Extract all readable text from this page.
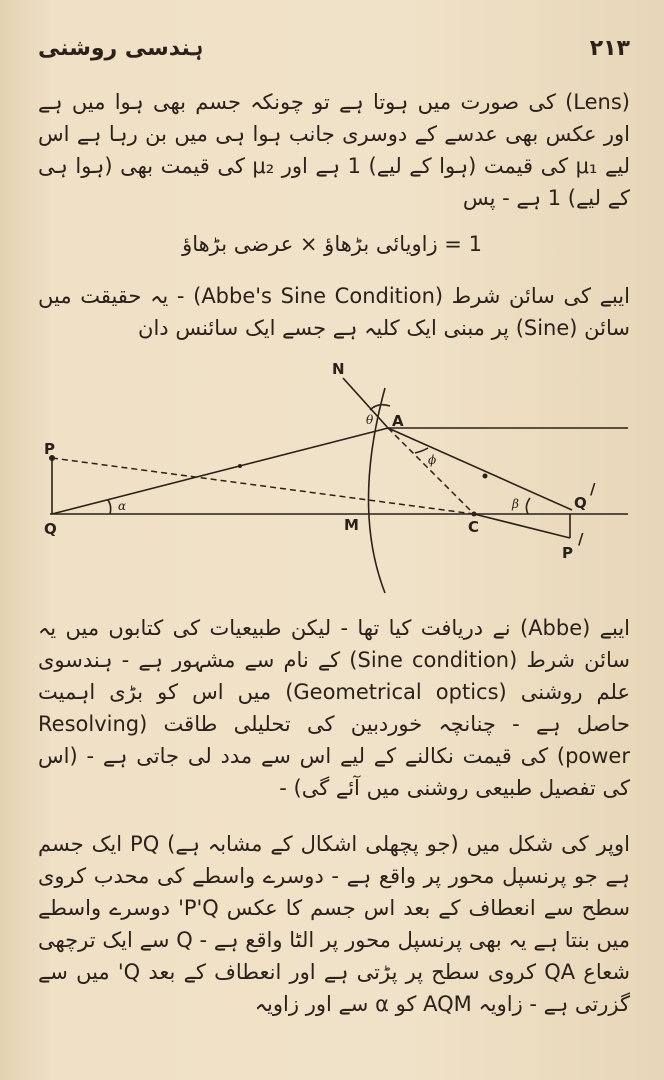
ہندسی روشنی	۲۱۳

(Lens) کی صورت میں ہوتا ہے تو چونکہ جسم بھی ہوا میں ہے اور عکس بھی عدسے کے دوسری جانب ہوا ہی میں بن رہا ہے اس لیے μ₁ کی قیمت (ہوا کے لیے) 1 ہے اور μ₂ کی قیمت بھی (ہوا ہی کے لیے) 1 ہے - پس

1 = زاویائی بڑھاؤ × عرضی بڑھاؤ

ایبے کی سائن شرط (Abbe's Sine Condition) - یہ حقیقت میں سائن (Sine) پر مبنی ایک کلیہ ہے جسے ایک سائنس دان

N
A
P
Q	M	C
Q
/
P
/
α	β
θ
ϕ

ایبے (Abbe) نے دریافت کیا تھا - لیکن طبیعیات کی کتابوں میں یہ سائن شرط (Sine condition) کے نام سے مشہور ہے - ہندسوی علم روشنی (Geometrical optics) میں اس کو بڑی اہمیت حاصل ہے - چنانچہ خوردبین کی تحلیلی طاقت (Resolving power) کی قیمت نکالنے کے لیے اس سے مدد لی جاتی ہے - (اس کی تفصیل طبیعی روشنی میں آئے گی) -

اوپر کی شکل میں (جو پچھلی اشکال کے مشابہ ہے) PQ ایک جسم ہے جو پرنسپل محور پر واقع ہے - دوسرے واسطے کی محدب کروی سطح سے انعطاف کے بعد اس جسم کا عکس P'Q' دوسرے واسطے میں بنتا ہے یہ بھی پرنسپل محور پر الٹا واقع ہے - Q سے ایک ترچھی شعاع QA کروی سطح پر پڑتی ہے اور انعطاف کے بعد Q' میں سے گزرتی ہے - زاویہ AQM کو α سے اور زاویہ
